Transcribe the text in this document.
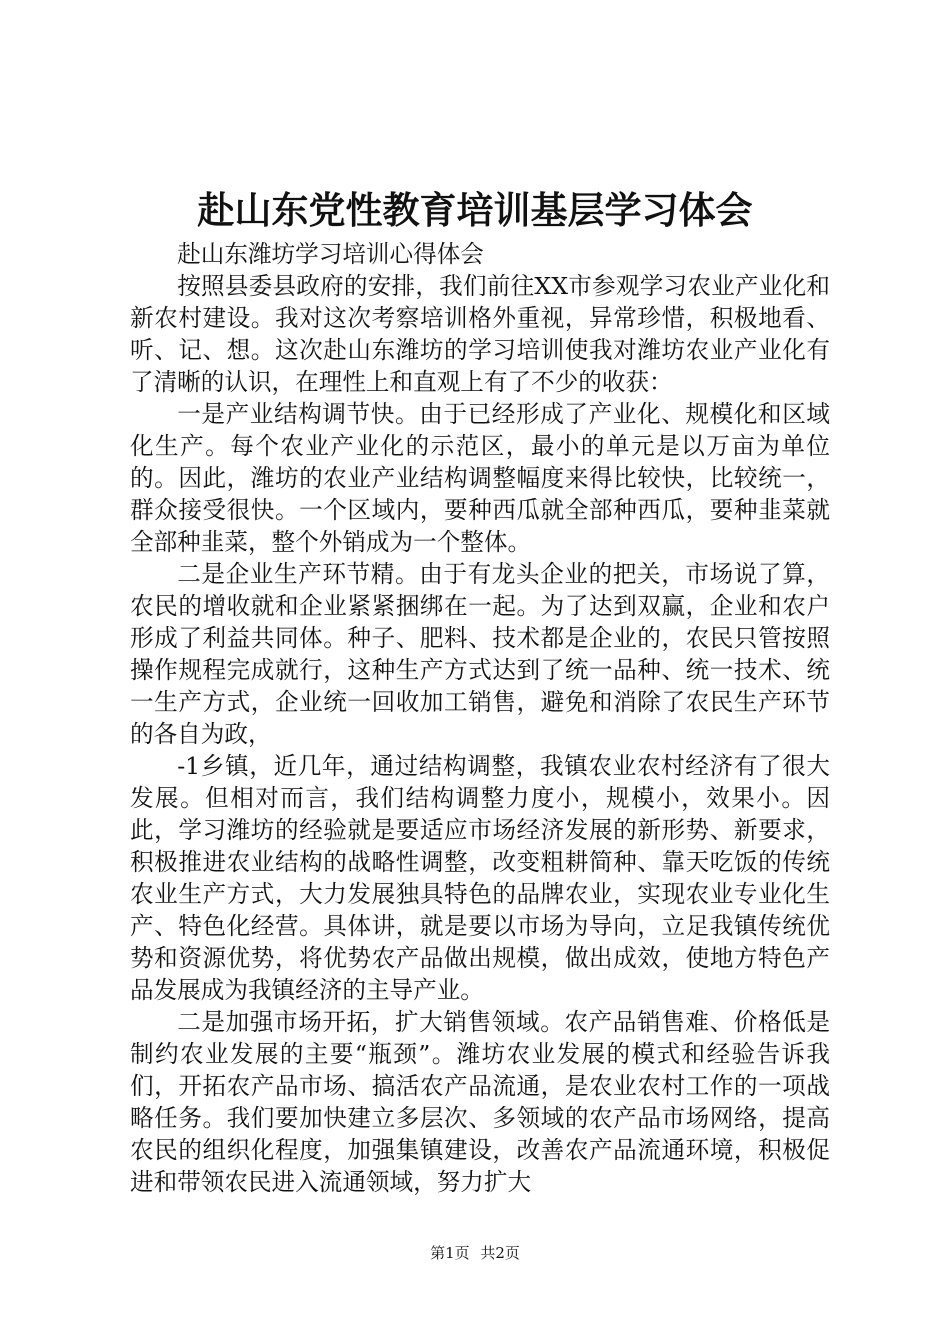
赴山东党性教育培训基层学习体会

赴山东潍坊学习培训心得体会

按照县委县政府的安排，我们前往XX市参观学习农业产业化和新农村建设。我对这次考察培训格外重视，异常珍惜，积极地看、听、记、想。这次赴山东潍坊的学习培训使我对潍坊农业产业化有了清晰的认识，在理性上和直观上有了不少的收获：

一是产业结构调节快。由于已经形成了产业化、规模化和区域化生产。每个农业产业化的示范区，最小的单元是以万亩为单位的。因此，潍坊的农业产业结构调整幅度来得比较快，比较统一，群众接受很快。一个区域内，要种西瓜就全部种西瓜，要种韭菜就全部种韭菜，整个外销成为一个整体。

二是企业生产环节精。由于有龙头企业的把关，市场说了算，农民的增收就和企业紧紧捆绑在一起。为了达到双赢，企业和农户形成了利益共同体。种子、肥料、技术都是企业的，农民只管按照操作规程完成就行，这种生产方式达到了统一品种、统一技术、统一生产方式，企业统一回收加工销售，避免和消除了农民生产环节的各自为政，

-1乡镇，近几年，通过结构调整，我镇农业农村经济有了很大发展。但相对而言，我们结构调整力度小，规模小，效果小。因此，学习潍坊的经验就是要适应市场经济发展的新形势、新要求，积极推进农业结构的战略性调整，改变粗耕简种、靠天吃饭的传统农业生产方式，大力发展独具特色的品牌农业，实现农业专业化生产、特色化经营。具体讲，就是要以市场为导向，立足我镇传统优势和资源优势，将优势农产品做出规模，做出成效，使地方特色产品发展成为我镇经济的主导产业。

二是加强市场开拓，扩大销售领域。农产品销售难、价格低是制约农业发展的主要“瓶颈”。潍坊农业发展的模式和经验告诉我们，开拓农产品市场、搞活农产品流通，是农业农村工作的一项战略任务。我们要加快建立多层次、多领域的农产品市场网络，提高农民的组织化程度，加强集镇建设，改善农产品流通环境，积极促进和带领农民进入流通领域，努力扩大

第1页 共2页
